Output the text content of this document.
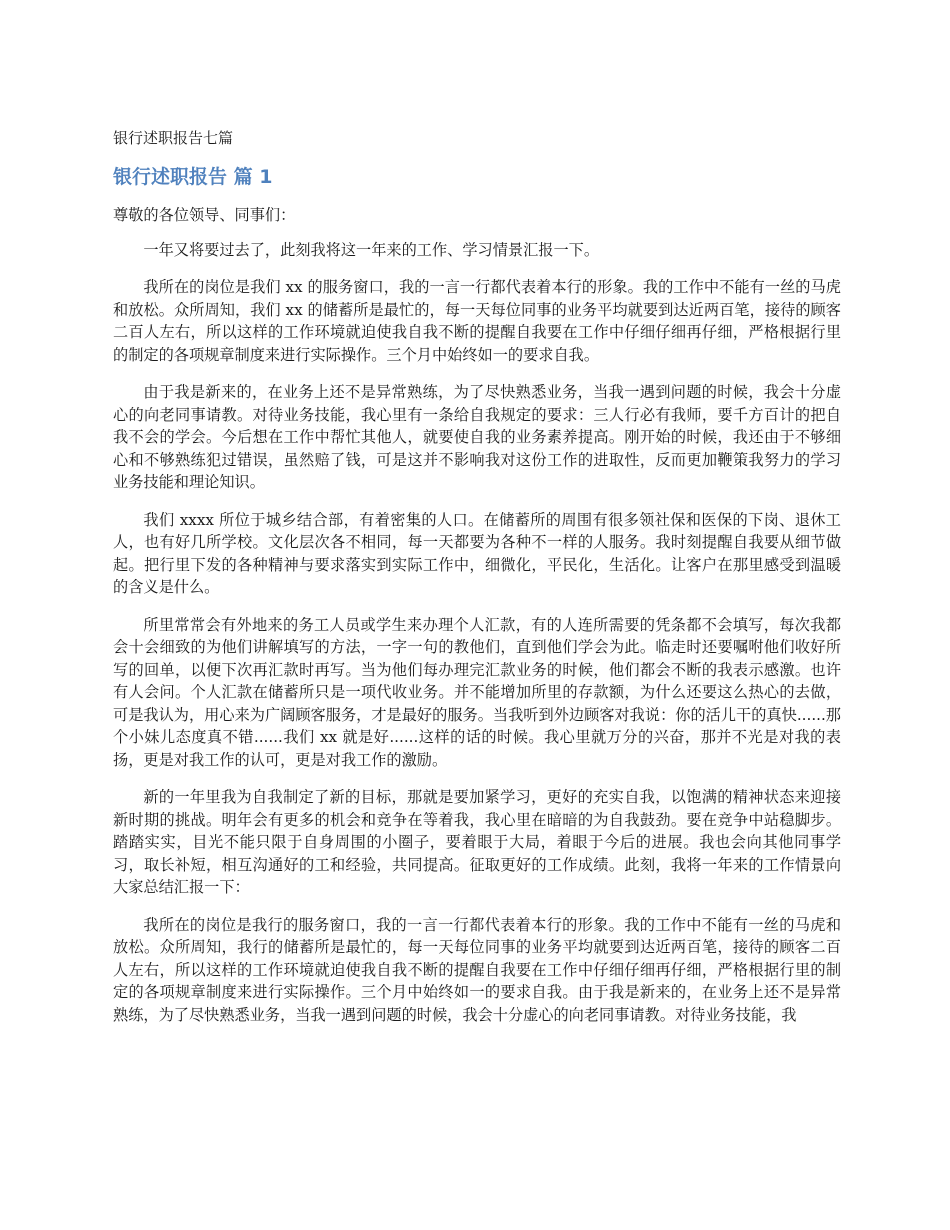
银行述职报告七篇
银行述职报告 篇 1

尊敬的各位领导、同事们：

一年又将要过去了，此刻我将这一年来的工作、学习情景汇报一下。

我所在的岗位是我们 xx 的服务窗口，我的一言一行都代表着本行的形象。我的工作中不能有一丝的马虎和放松。众所周知，我们 xx 的储蓄所是最忙的，每一天每位同事的业务平均就要到达近两百笔，接待的顾客二百人左右，所以这样的工作环境就迫使我自我不断的提醒自我要在工作中仔细仔细再仔细，严格根据行里的制定的各项规章制度来进行实际操作。三个月中始终如一的要求自我。

由于我是新来的，在业务上还不是异常熟练，为了尽快熟悉业务，当我一遇到问题的时候，我会十分虚心的向老同事请教。对待业务技能，我心里有一条给自我规定的要求：三人行必有我师，要千方百计的把自我不会的学会。今后想在工作中帮忙其他人，就要使自我的业务素养提高。刚开始的时候，我还由于不够细心和不够熟练犯过错误，虽然赔了钱，可是这并不影响我对这份工作的进取性，反而更加鞭策我努力的学习业务技能和理论知识。

我们 xxxx 所位于城乡结合部，有着密集的人口。在储蓄所的周围有很多领社保和医保的下岗、退休工人，也有好几所学校。文化层次各不相同，每一天都要为各种不一样的人服务。我时刻提醒自我要从细节做起。把行里下发的各种精神与要求落实到实际工作中，细微化，平民化，生活化。让客户在那里感受到温暖的含义是什么。

所里常常会有外地来的务工人员或学生来办理个人汇款，有的人连所需要的凭条都不会填写，每次我都会十会细致的为他们讲解填写的方法，一字一句的教他们，直到他们学会为此。临走时还要嘱咐他们收好所写的回单，以便下次再汇款时再写。当为他们每办理完汇款业务的时候，他们都会不断的我表示感激。也许有人会问。个人汇款在储蓄所只是一项代收业务。并不能增加所里的存款额，为什么还要这么热心的去做，可是我认为，用心来为广阔顾客服务，才是最好的服务。当我听到外边顾客对我说：你的活儿干的真快......那个小妹儿态度真不错......我们 xx 就是好......这样的话的时候。我心里就万分的兴奋，那并不光是对我的表扬，更是对我工作的认可，更是对我工作的激励。

新的一年里我为自我制定了新的目标，那就是要加紧学习，更好的充实自我，以饱满的精神状态来迎接新时期的挑战。明年会有更多的机会和竞争在等着我，我心里在暗暗的为自我鼓劲。要在竞争中站稳脚步。踏踏实实，目光不能只限于自身周围的小圈子，要着眼于大局，着眼于今后的进展。我也会向其他同事学习，取长补短，相互沟通好的工和经验，共同提高。征取更好的工作成绩。此刻，我将一年来的工作情景向大家总结汇报一下：

我所在的岗位是我行的服务窗口，我的一言一行都代表着本行的形象。我的工作中不能有一丝的马虎和放松。众所周知，我行的储蓄所是最忙的，每一天每位同事的业务平均就要到达近两百笔，接待的顾客二百人左右，所以这样的工作环境就迫使我自我不断的提醒自我要在工作中仔细仔细再仔细，严格根据行里的制定的各项规章制度来进行实际操作。三个月中始终如一的要求自我。由于我是新来的，在业务上还不是异常熟练，为了尽快熟悉业务，当我一遇到问题的时候，我会十分虚心的向老同事请教。对待业务技能，我
